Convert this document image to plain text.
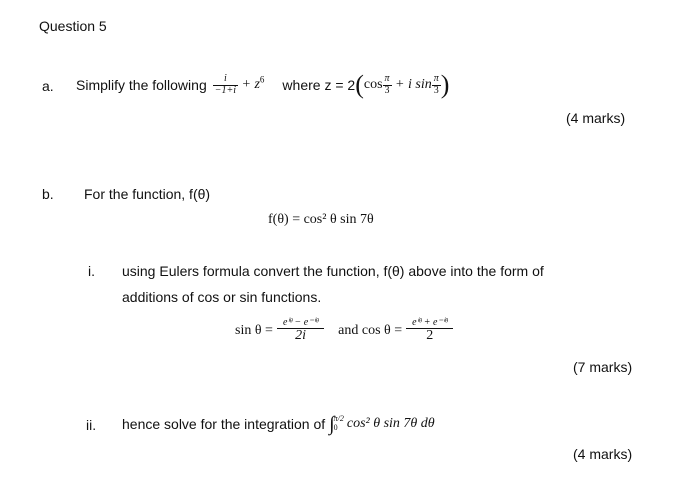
Question 5
a. Simplify the following $\frac{i}{-1+i} + z^6$ where z = 2 ( $\cos \frac{\pi}{3} + i$ $\sin \frac{\pi}{3}$ )
(4 marks)
b. For the function, f(θ)
f(θ) = cos² θ sin 7θ
i. using Eulers formula convert the function, f(θ) above into the form of
additions of cos or sin functions.
$\sin \theta = \frac{\text{eⁱᶿ − e⁻ⁱᶿ}}{2i}$ and $\cos \theta = \frac{\text{eⁱᶿ + e⁻ⁱᶿ}}{2}$
(7 marks)
ii. hence solve for the integration of ∫ π/2
0 cos² θ sin 7θ dθ
(4 marks)
